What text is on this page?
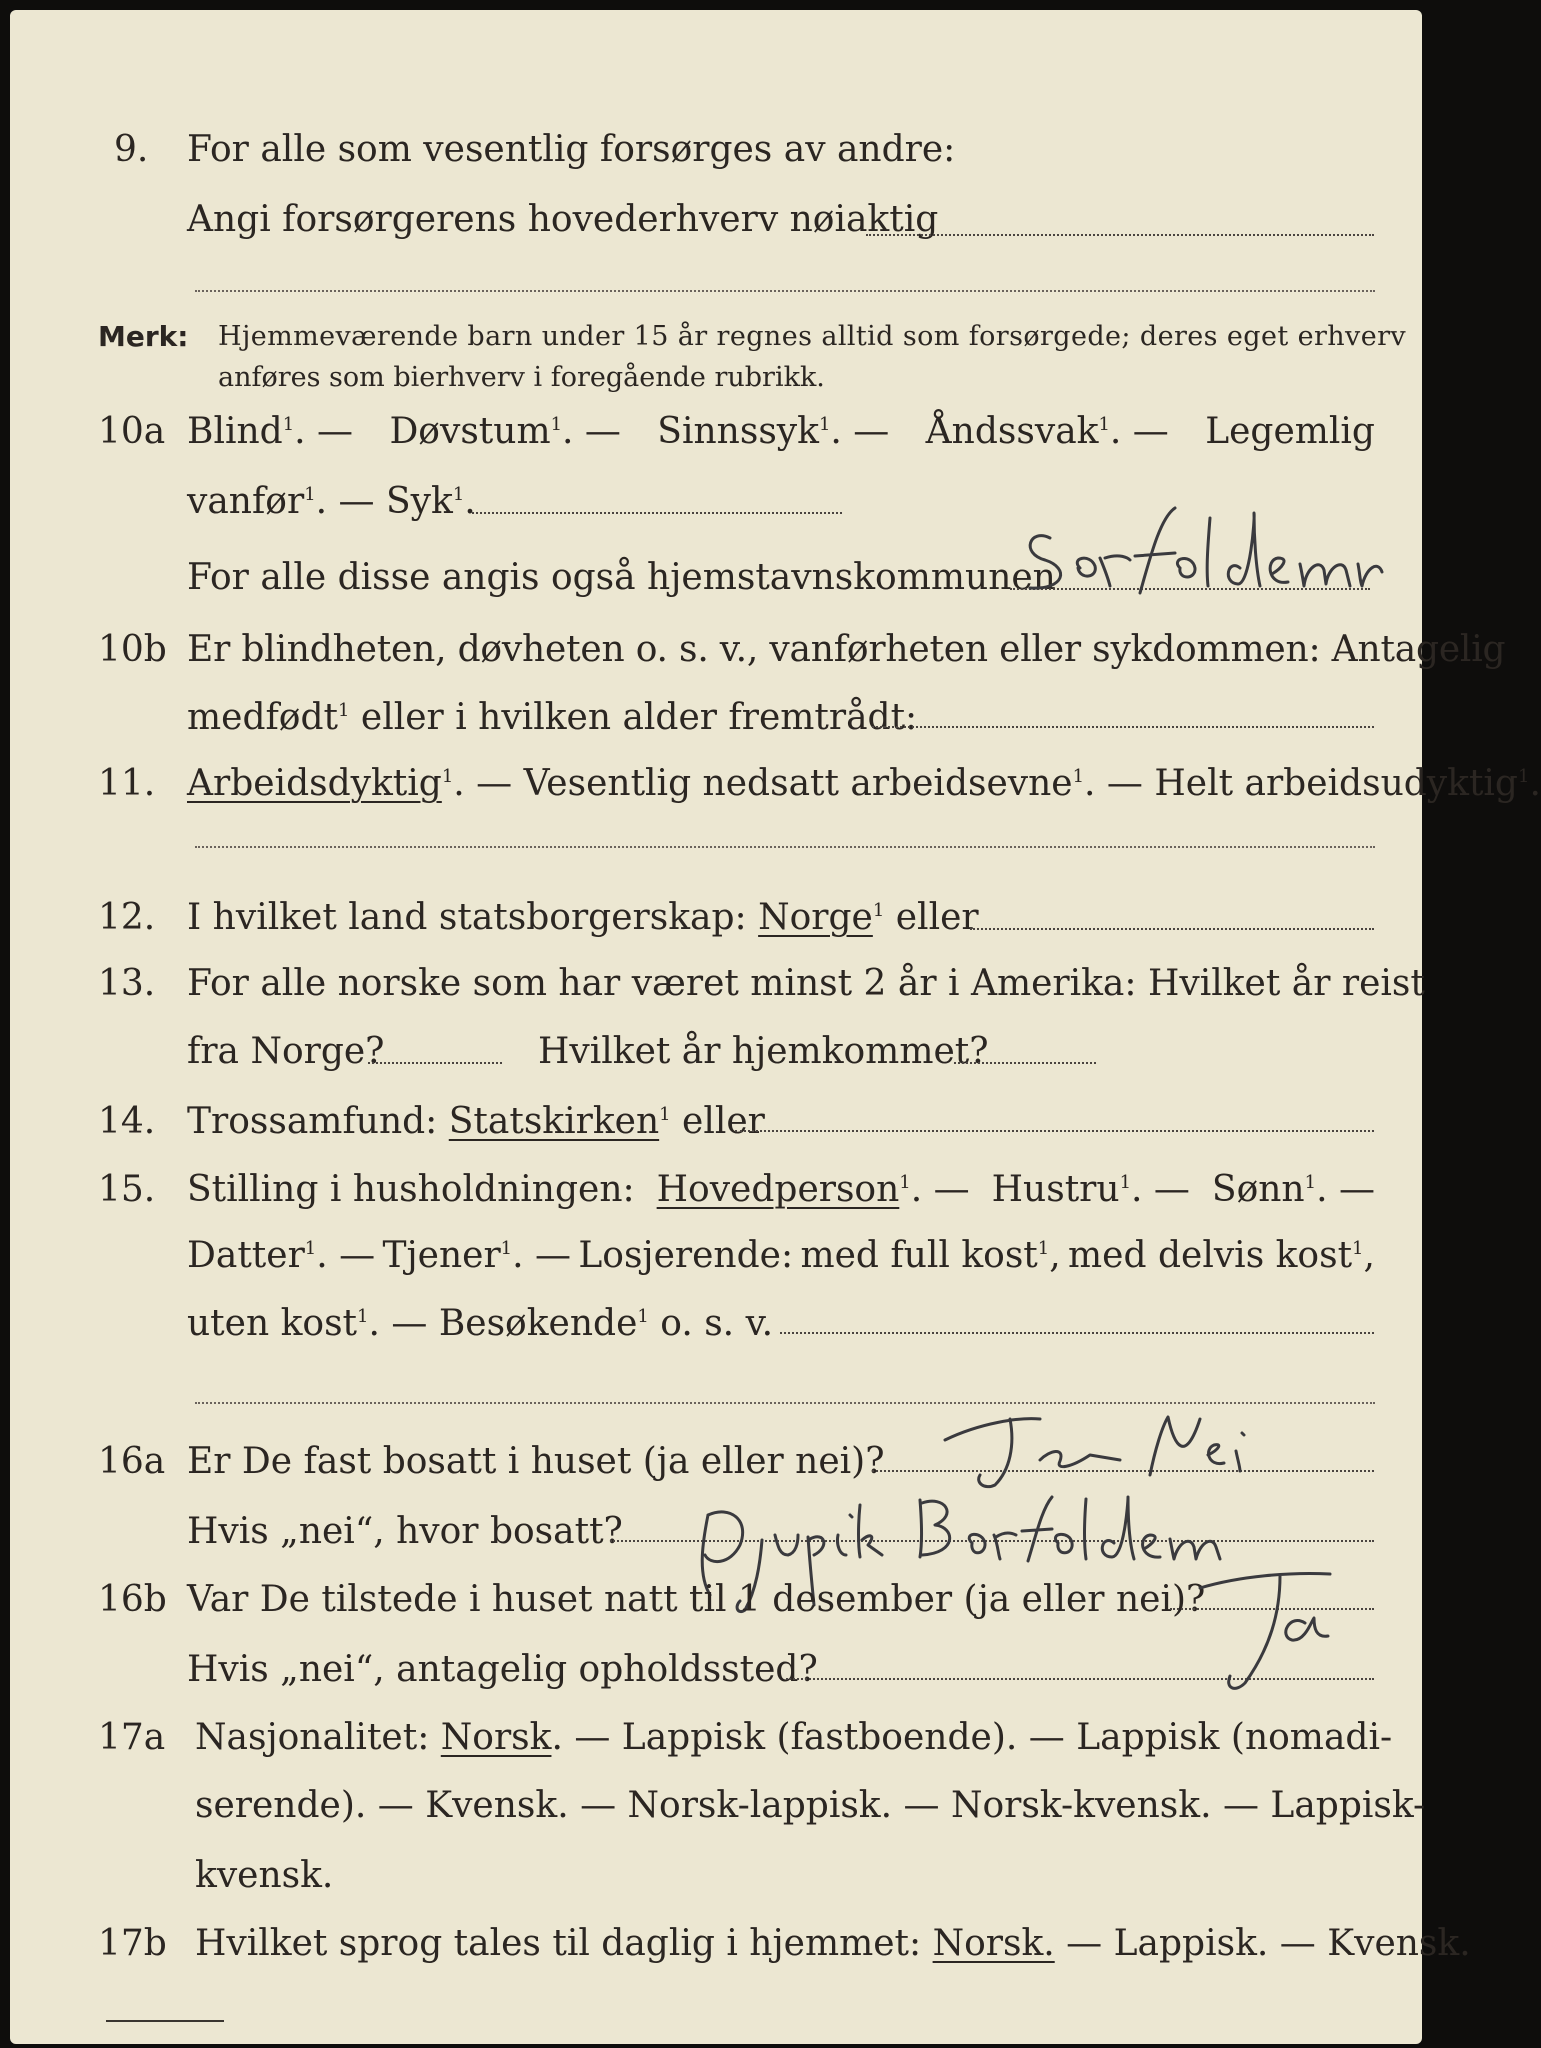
9. For alle som vesentlig forsørges av andre:
Angi forsørgerens hovederhverv nøiaktig
Merk: Hjemmeværende barn under 15 år regnes alltid som forsørgede; deres eget erhverv
anføres som bierhverv i foregående rubrikk.
10a Blind$^1$. — Døvstum$^1$. — Sinnssyk$^1$. — Åndssvak$^1$. — Legemlig
vanfør$^1$. — Syk$^1$.
For alle disse angis også hjemstavnskommunen
10b Er blindheten, døvheten o. s. v., vanførheten eller sykdommen: Antagelig
medfødt$^1$ eller i hvilken alder fremtrådt:
11. Arbeidsdyktig$^1$. — Vesentlig nedsatt arbeidsevne$^1$. — Helt arbeidsudyktig$^1$.
12. I hvilket land statsborgerskap: Norge$^1$ eller
13. For alle norske som har været minst 2 år i Amerika: Hvilket år reist
fra Norge?	Hvilket år hjemkommet?
14. Trossamfund: Statskirken$^1$ eller
15. Stilling i husholdningen: Hovedperson$^1$. — Hustru$^1$. — Sønn$^1$. —
Datter$^1$. — Tjener$^1$. — Losjerende: med full kost$^1$, med delvis kost$^1$,
uten kost$^1$. — Besøkende$^1$ o. s. v.
16a Er De fast bosatt i huset (ja eller nei)?
Hvis „nei“, hvor bosatt?
16b Var De tilstede i huset natt til 1 desember (ja eller nei)?
Hvis „nei“, antagelig opholdssted?
17a Nasjonalitet: Norsk. — Lappisk (fastboende). — Lappisk (nomadi-
serende). — Kvensk. — Norsk-lappisk. — Norsk-kvensk. — Lappisk-
kvensk.
17b Hvilket sprog tales til daglig i hjemmet: Norsk. — Lappisk. — Kvensk.
